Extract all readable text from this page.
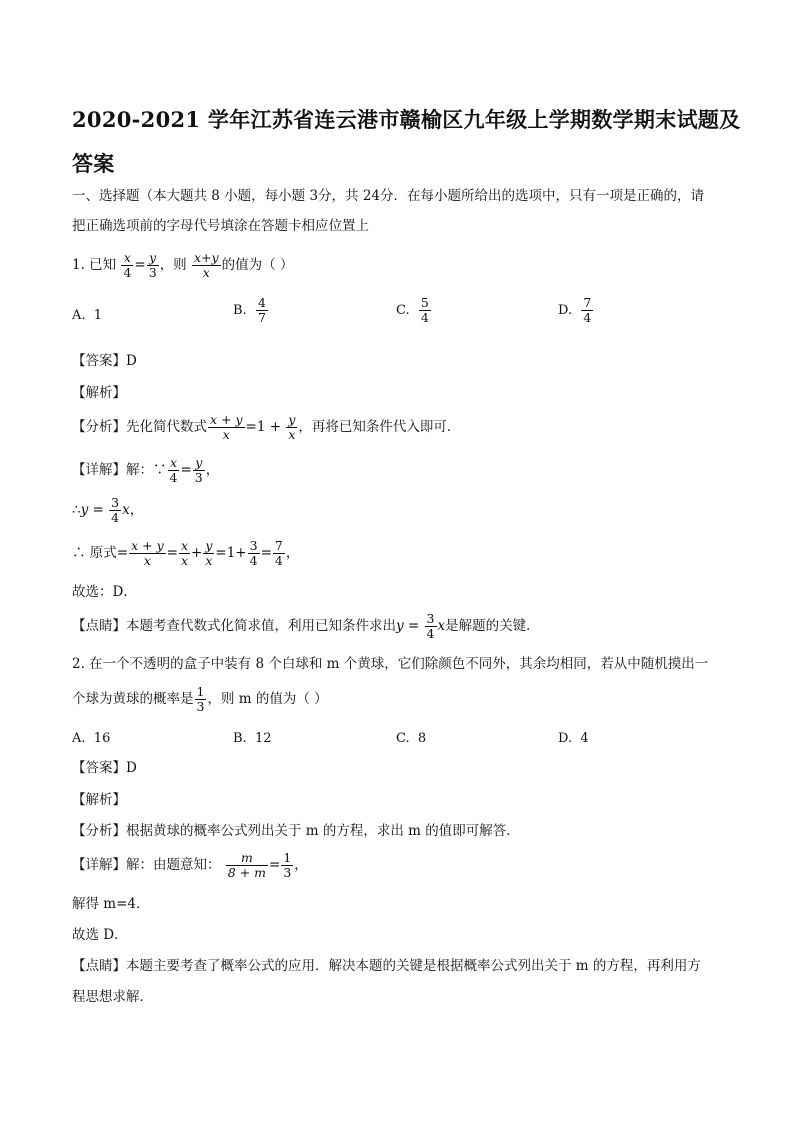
2020-2021 学年江苏省连云港市赣榆区九年级上学期数学期末试题及
答案
一、选择题（本大题共 8 小题，每小题 3分，共 24分．在每小题所给出的选项中，只有一项是正确的，请
把正确选项前的字母代号填涂在答题卡相应位置上
1. 已知 $\frac{x}{4} = \frac{y}{3}$ ，则 $\frac{x+y}{x}$ 的值为（ ）
A. 1	B. $\frac{4}{7}$	C. $\frac{5}{4}$	D. $\frac{7}{4}$
【答案】D
【解析】
【分析】先化简代数式 $\frac{x + y}{x} =1 + \frac{y}{x}$ ，再将已知条件代入即可．
【详解】解：∵ $\frac{x}{4} = \frac{y}{3}$ ，
∴y = $\frac{3}{4}$ x，
∴ 原式= $\frac{x + y}{x} = \frac{x}{x} + \frac{y}{x} =1+ \frac{3}{4} = \frac{7}{4}$ ，
故选：D．
【点睛】本题考查代数式化简求值，利用已知条件求出$y = \frac{3}{4}$ x是解题的关键．
2. 在一个不透明的盒子中装有 8 个白球和 m 个黄球，它们除颜色不同外，其余均相同，若从中随机摸出一
个球为黄球的概率是 $\frac{1}{3}$ ，则 m 的值为（ ）
A. 16	B. 12	C. 8	D. 4
【答案】D
【解析】
【分析】根据黄球的概率公式列出关于 m 的方程，求出 m 的值即可解答．
【详解】解：由题意知： $\frac{m}{8 + m} = \frac{1}{3}$ ，
解得 m=4．
故选 D．
【点睛】本题主要考查了概率公式的应用．解决本题的关键是根据概率公式列出关于 m 的方程，再利用方
程思想求解．
